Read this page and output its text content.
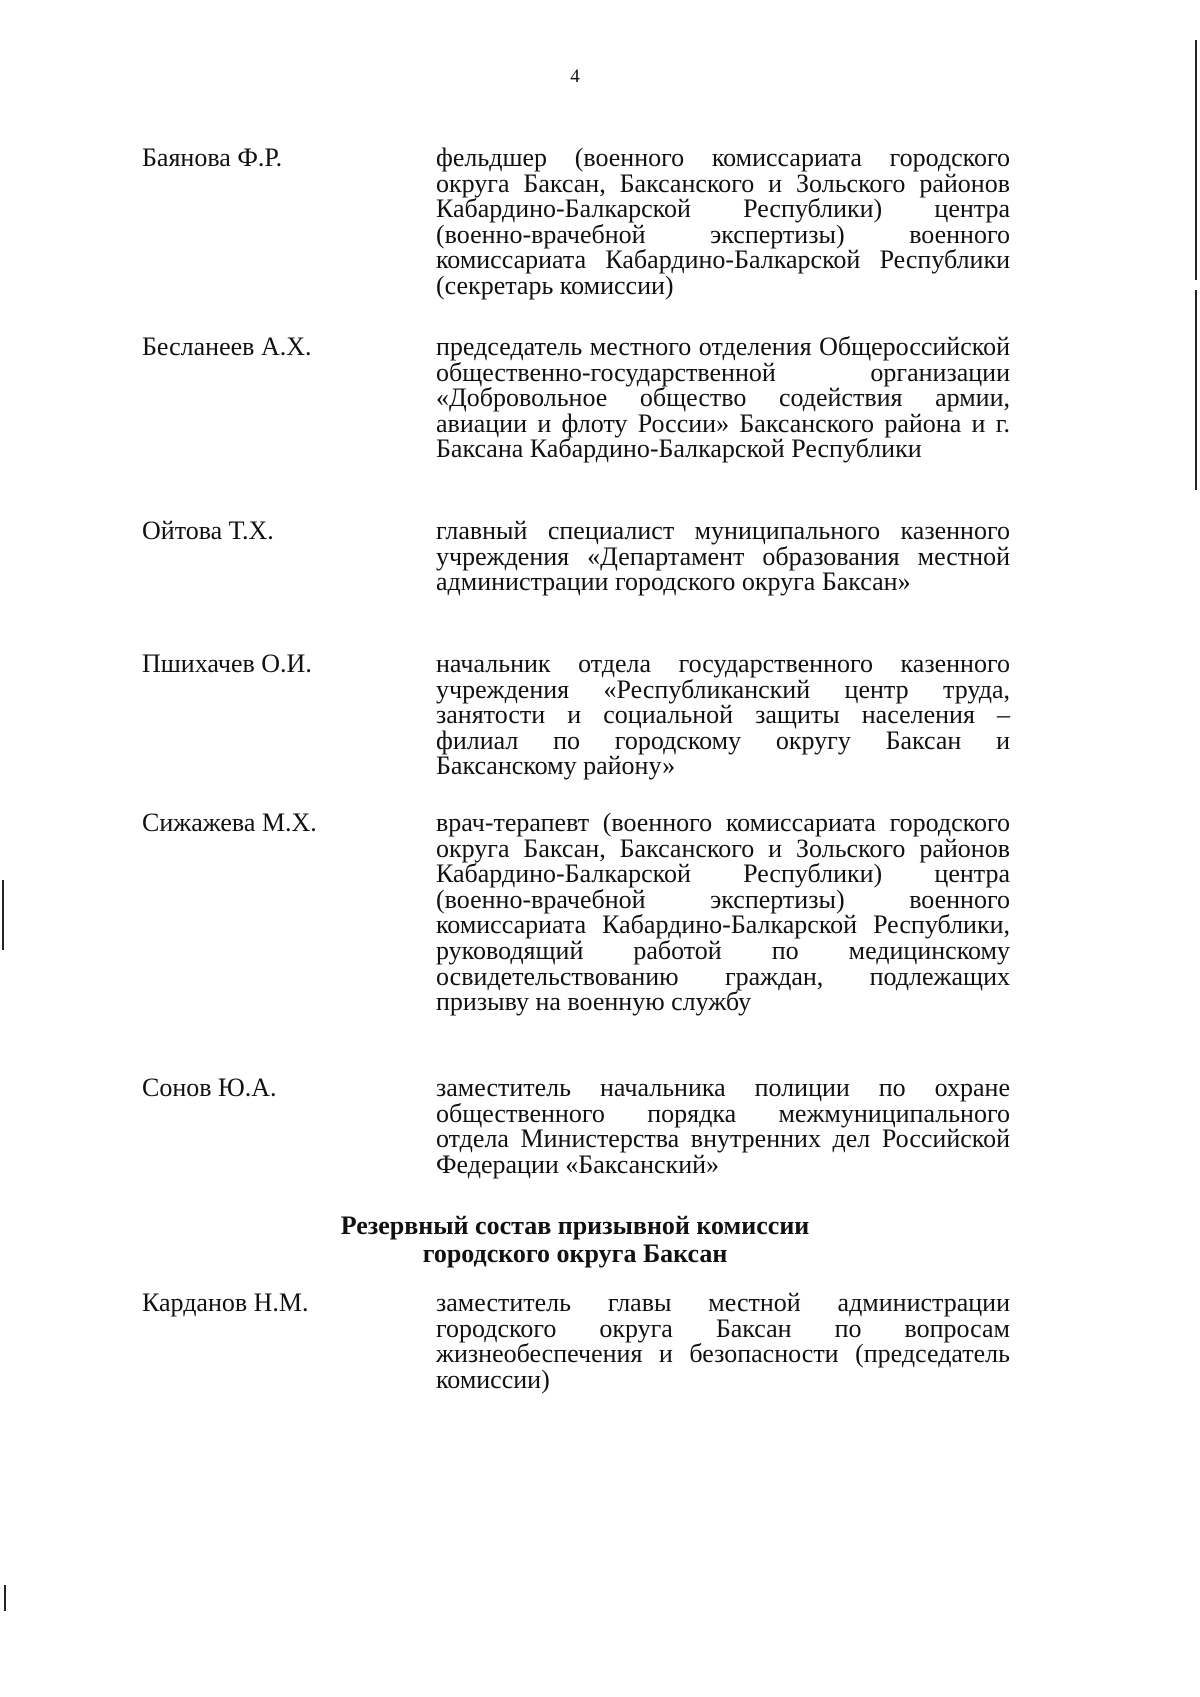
4
Баянова Ф.Р.	фельдшер (военного комиссариата городского округа Баксан, Баксанского и Зольского районов Кабардино-Балкарской Республики) центра (военно-врачебной экспертизы) военного комиссариата Кабардино-Балкарской Республики (секретарь комиссии)
Бесланеев А.Х.	председатель местного отделения Общероссийской общественно-государственной организации «Добровольное общество содействия армии, авиации и флоту России» Баксанского района и г. Баксана Кабардино-Балкарской Республики
Ойтова Т.Х.	главный специалист муниципального казенного учреждения «Департамент образования местной администрации городского округа Баксан»
Пшихачев О.И.	начальник отдела государственного казенного учреждения «Республиканский центр труда, занятости и социальной защиты населения – филиал по городскому округу Баксан и Баксанскому району»
Сижажева М.Х.	врач-терапевт (военного комиссариата городского округа Баксан, Баксанского и Зольского районов Кабардино-Балкарской Республики) центра (военно-врачебной экспертизы) военного комиссариата Кабардино-Балкарской Республики, руководящий работой по медицинскому освидетельствованию граждан, подлежащих призыву на военную службу
Сонов Ю.А.	заместитель начальника полиции по охране общественного порядка межмуниципального отдела Министерства внутренних дел Российской Федерации «Баксанский»
Резервный состав призывной комиссии
городского округа Баксан
Карданов Н.М.	заместитель главы местной администрации городского округа Баксан по вопросам жизнеобеспечения и безопасности (председатель комиссии)
